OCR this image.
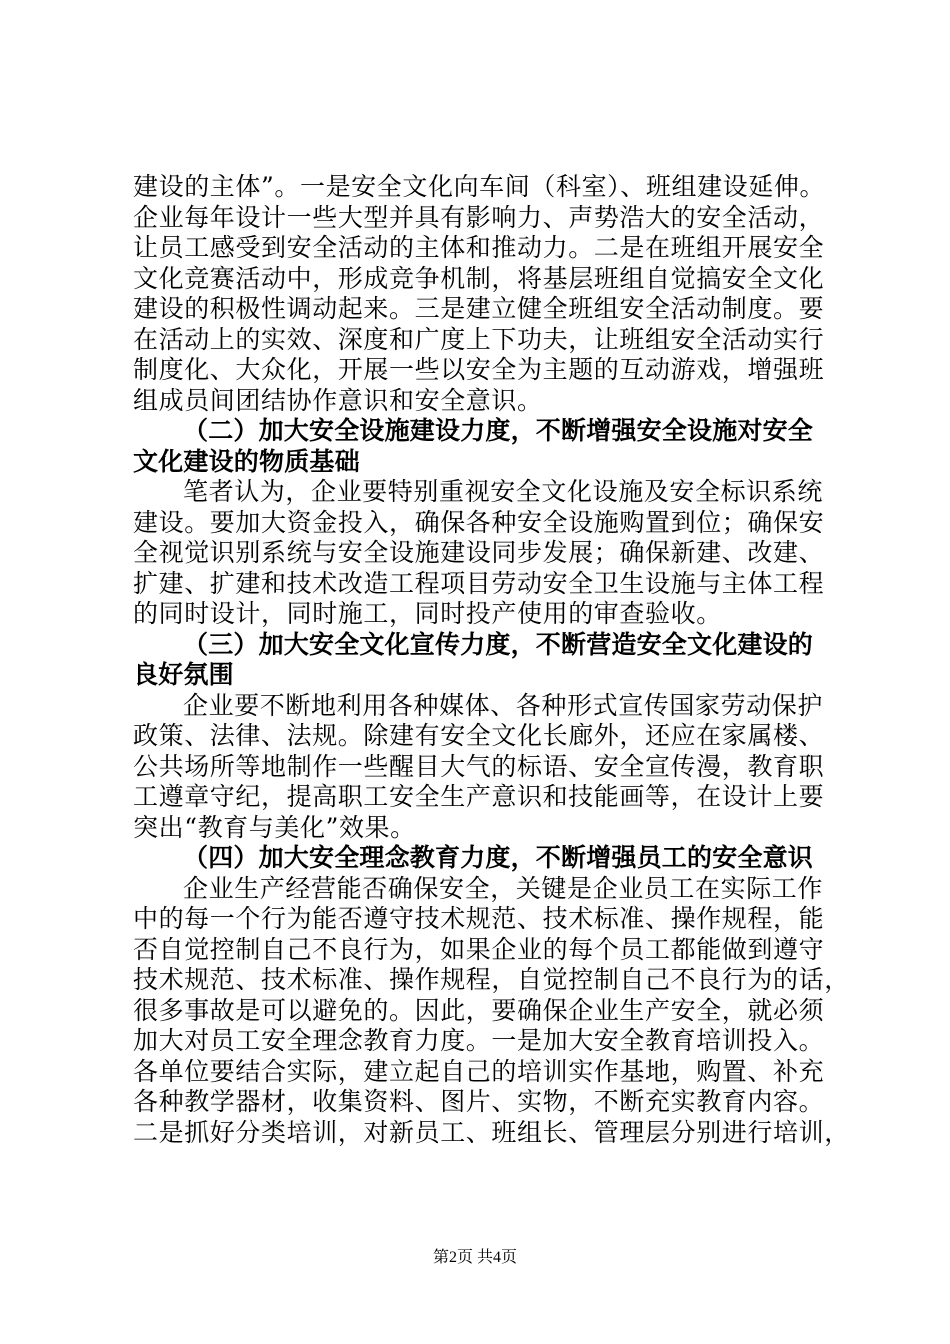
建设的主体”。一是安全文化向车间（科室）、班组建设延伸。
企业每年设计一些大型并具有影响力、声势浩大的安全活动，
让员工感受到安全活动的主体和推动力。二是在班组开展安全
文化竞赛活动中，形成竞争机制，将基层班组自觉搞安全文化
建设的积极性调动起来。三是建立健全班组安全活动制度。要
在活动上的实效、深度和广度上下功夫，让班组安全活动实行
制度化、大众化，开展一些以安全为主题的互动游戏，增强班
组成员间团结协作意识和安全意识。
（二）加大安全设施建设力度，不断增强安全设施对安全
文化建设的物质基础
笔者认为，企业要特别重视安全文化设施及安全标识系统
建设。要加大资金投入，确保各种安全设施购置到位；确保安
全视觉识别系统与安全设施建设同步发展；确保新建、改建、
扩建、扩建和技术改造工程项目劳动安全卫生设施与主体工程
的同时设计，同时施工，同时投产使用的审查验收。
（三）加大安全文化宣传力度，不断营造安全文化建设的
良好氛围
企业要不断地利用各种媒体、各种形式宣传国家劳动保护
政策、法律、法规。除建有安全文化长廊外，还应在家属楼、
公共场所等地制作一些醒目大气的标语、安全宣传漫，教育职
工遵章守纪，提高职工安全生产意识和技能画等，在设计上要
突出“教育与美化”效果。
（四）加大安全理念教育力度，不断增强员工的安全意识
企业生产经营能否确保安全，关键是企业员工在实际工作
中的每一个行为能否遵守技术规范、技术标准、操作规程，能
否自觉控制自己不良行为，如果企业的每个员工都能做到遵守
技术规范、技术标准、操作规程，自觉控制自己不良行为的话，
很多事故是可以避免的。因此，要确保企业生产安全，就必须
加大对员工安全理念教育力度。一是加大安全教育培训投入。
各单位要结合实际，建立起自己的培训实作基地，购置、补充
各种教学器材，收集资料、图片、实物，不断充实教育内容。
二是抓好分类培训，对新员工、班组长、管理层分别进行培训，
第2页 共4页
